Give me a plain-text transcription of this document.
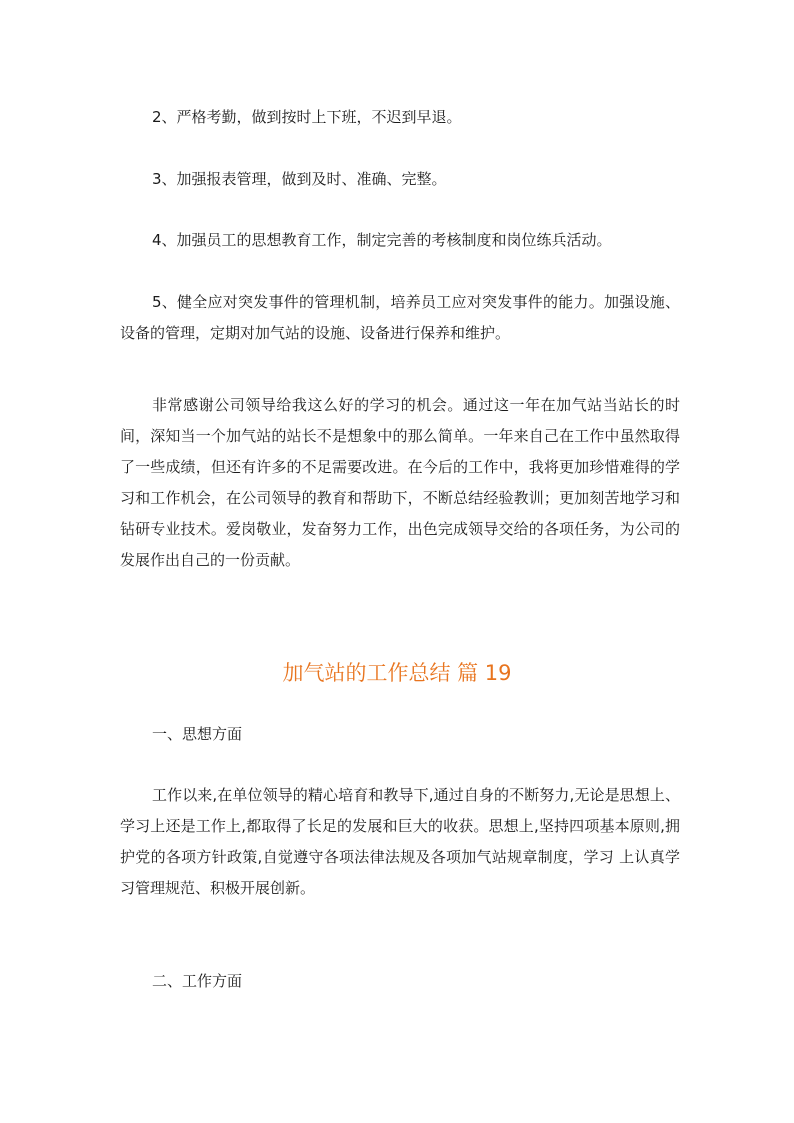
2、严格考勤，做到按时上下班，不迟到早退。

3、加强报表管理，做到及时、准确、完整。

4、加强员工的思想教育工作，制定完善的考核制度和岗位练兵活动。

5、健全应对突发事件的管理机制，培养员工应对突发事件的能力。加强设施、设备的管理，定期对加气站的设施、设备进行保养和维护。

非常感谢公司领导给我这么好的学习的机会。通过这一年在加气站当站长的时间，深知当一个加气站的站长不是想象中的那么简单。一年来自己在工作中虽然取得了一些成绩，但还有许多的不足需要改进。在今后的工作中，我将更加珍惜难得的学习和工作机会，在公司领导的教育和帮助下，不断总结经验教训；更加刻苦地学习和钻研专业技术。爱岗敬业，发奋努力工作，出色完成领导交给的各项任务，为公司的发展作出自己的一份贡献。

加气站的工作总结 篇 19

一、思想方面

工作以来,在单位领导的精心培育和教导下,通过自身的不断努力,无论是思想上、 学习上还是工作上,都取得了长足的发展和巨大的收获。思想上,坚持四项基本原则,拥护党的各项方针政策,自觉遵守各项法律法规及各项加气站规章制度，学习 上认真学习管理规范、积极开展创新。

二、工作方面
